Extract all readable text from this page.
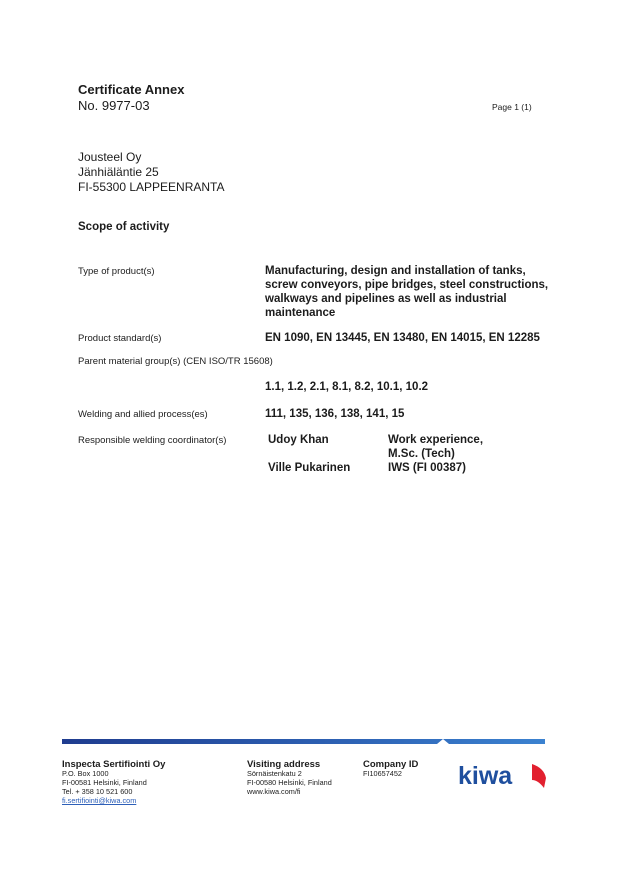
Certificate Annex
No. 9977-03	Page 1 (1)
Jousteel Oy
Jänhiäläntie 25
FI-55300 LAPPEENRANTA
Scope of activity
Type of product(s)	Manufacturing, design and installation of tanks, screw conveyors, pipe bridges, steel constructions, walkways and pipelines as well as industrial maintenance
Product standard(s)	EN 1090, EN 13445, EN 13480, EN 14015, EN 12285
Parent material group(s) (CEN ISO/TR 15608)
1.1, 1.2, 2.1, 8.1, 8.2, 10.1, 10.2
Welding and allied process(es)	111, 135, 136, 138, 141, 15
Responsible welding coordinator(s)	Udoy Khan	Work experience,
M.Sc. (Tech)
Ville Pukarinen	IWS (FI 00387)
Inspecta Sertifiointi Oy
P.O. Box 1000
FI-00581 Helsinki, Finland
Tel. + 358 10 521 600
fi.sertifiointi@kiwa.com
Visiting address
Sörnäistenkatu 2
FI-00580 Helsinki, Finland
www.kiwa.com/fi
Company ID
FI10657452 kiwa
